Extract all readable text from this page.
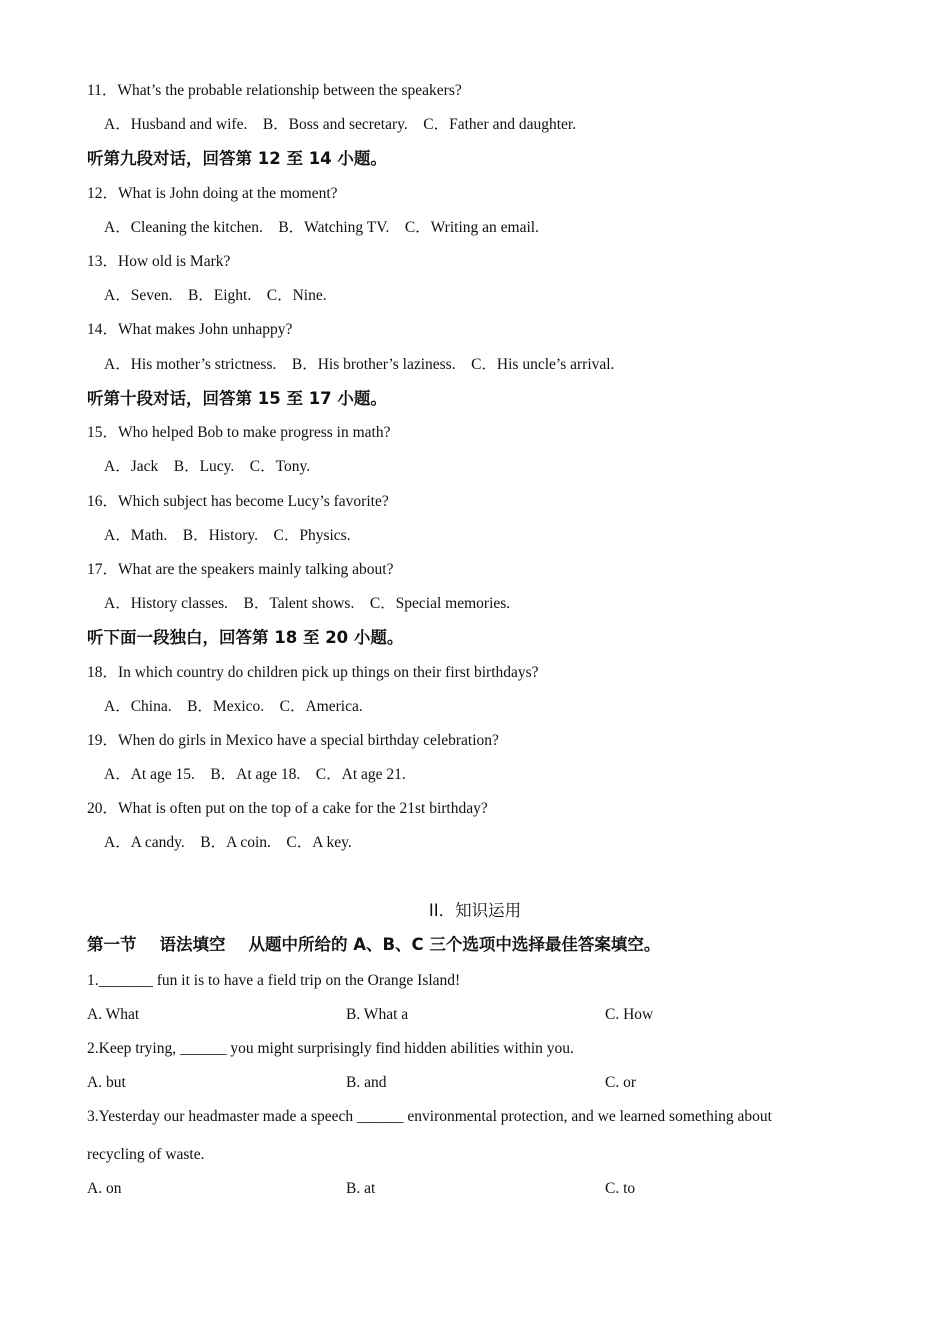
11．What’s the probable relationship between the speakers?
A．Husband and wife.    B．Boss and secretary.    C．Father and daughter.
听第九段对话，回答第 12 至 14 小题。
12．What is John doing at the moment?
A．Cleaning the kitchen.    B．Watching TV.    C．Writing an email.
13．How old is Mark?
A．Seven.    B．Eight.    C．Nine.
14．What makes John unhappy?
A．His mother’s strictness.    B．His brother’s laziness.    C．His uncle’s arrival.
听第十段对话，回答第 15 至 17 小题。
15．Who helped Bob to make progress in math?
A．Jack    B．Lucy.    C．Tony.
16．Which subject has become Lucy’s favorite?
A．Math.    B．History.    C．Physics.
17．What are the speakers mainly talking about?
A．History classes.    B．Talent shows.    C．Special memories.
听下面一段独白，回答第 18 至 20 小题。
18．In which country do children pick up things on their first birthdays?
A．China.    B．Mexico.    C．America.
19．When do girls in Mexico have a special birthday celebration?
A．At age 15.    B．At age 18.    C．At age 21.
20．What is often put on the top of a cake for the 21st birthday?
A．A candy.    B．A coin.    C．A key.
II．知识运用
第一节    语法填空    从题中所给的 A、B、C 三个选项中选择最佳答案填空。
1._______ fun it is to have a field trip on the Orange Island!
A. What	B. What a	C. How
2.Keep trying, ______ you might surprisingly find hidden abilities within you.
A. but	B. and	C. or
3.Yesterday our headmaster made a speech ______ environmental protection, and we learned something about
recycling of waste.
A. on	B. at	C. to
